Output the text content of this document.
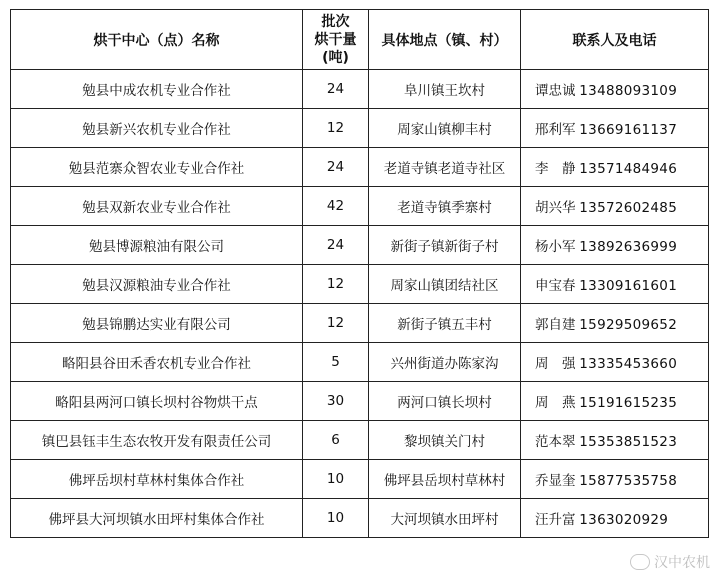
烘干中心（点）名称	批次
烘干量
(吨)	具体地点（镇、村）	联系人及电话
勉县中成农机专业合作社	24	阜川镇王坎村	谭忠诚 13488093109
勉县新兴农机专业合作社	12	周家山镇柳丰村	邢利军 13669161137
勉县范寨众智农业专业合作社	24	老道寺镇老道寺社区	李　静 13571484946
勉县双新农业专业合作社	42	老道寺镇季寨村	胡兴华 13572602485
勉县博源粮油有限公司	24	新街子镇新街子村	杨小军 13892636999
勉县汉源粮油专业合作社	12	周家山镇团结社区	申宝春 13309161601
勉县锦鹏达实业有限公司	12	新街子镇五丰村	郭自建 15929509652
略阳县谷田禾香农机专业合作社	5	兴州街道办陈家沟	周　强 13335453660
略阳县两河口镇长坝村谷物烘干点	30	两河口镇长坝村	周　燕 15191615235
镇巴县钰丰生态农牧开发有限责任公司	6	黎坝镇关门村	范本翠 15353851523
佛坪岳坝村草林村集体合作社	10	佛坪县岳坝村草林村	乔显奎 15877535758
佛坪县大河坝镇水田坪村集体合作社	10	大河坝镇水田坪村	汪升富 1363020929
汉中农机
